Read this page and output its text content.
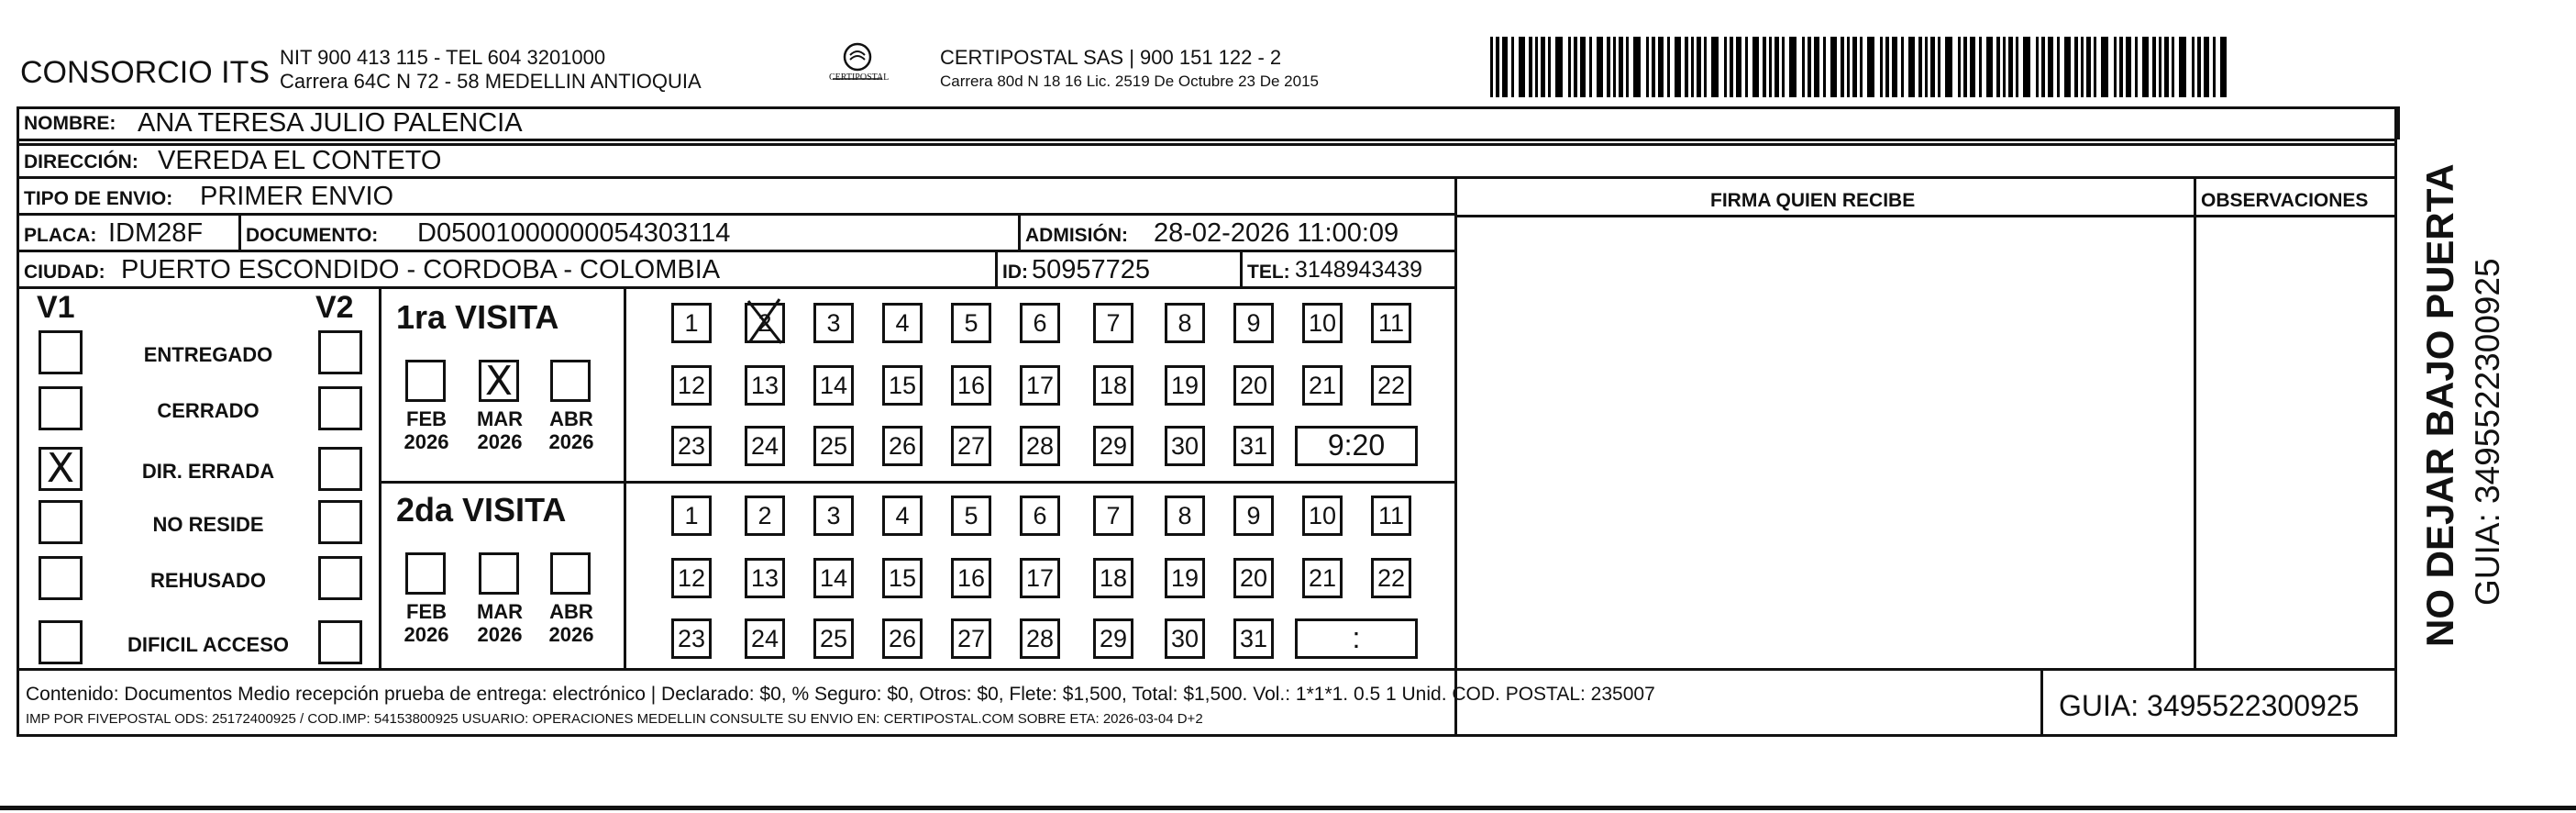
CONSORCIO ITS NIT 900 413 115 - TEL 604 3201000
Carrera 64C N 72 - 58 MEDELLIN ANTIOQUIA	CERTIPOSTAL
CERTIPOSTAL SAS | 900 151 122 - 2
Carrera 80d N 18 16 Lic. 2519 De Octubre 23 De 2015
NOMBRE: ANA TERESA JULIO PALENCIA
DIRECCIÓN: VEREDA EL CONTETO
TIPO DE ENVIO: PRIMER ENVIO	FIRMA QUIEN RECIBE	OBSERVACIONES
PLACA: IDM28F DOCUMENTO: D05001000000054303114	ADMISIÓN: 28-02-2026 11:00:09
CIUDAD: PUERTO ESCONDIDO - CORDOBA - COLOMBIA	ID: 50957725	TEL: 3148943439
V1	V2
ENTREGADO
CERRADO
X	DIR. ERRADA
NO RESIDE
REHUSADO
DIFICIL ACCESO
1ra VISITA
FEB
2026
X
MAR
2026
ABR
2026
1	2	3	4	5	6	7	8	9	10 11
12 13 14 15 16 17 18 19 20 21 22
23 24 25 26 27 28 29 30 31	9:20
2da VISITA
FEB
2026
MAR
2026
ABR
2026
1	2	3	4	5	6	7	8	9	10 11
12 13 14 15 16 17 18 19 20 21 22
23 24 25 26 27 28 29 30 31	:
Contenido: Documentos Medio recepción prueba de entrega: electrónico | Declarado: $0, % Seguro: $0, Otros: $0, Flete: $1,500, Total: $1,500. Vol.: 1*1*1. 0.5 1 Unid. COD. POSTAL: 235007
IMP POR FIVEPOSTAL ODS: 25172400925 / COD.IMP: 54153800925 USUARIO: OPERACIONES MEDELLIN CONSULTE SU ENVIO EN: CERTIPOSTAL.COM SOBRE ETA: 2026-03-04 D+2	GUIA: 3495522300925
NO DEJAR BAJO PUERTA GUIA: 3495522300925
